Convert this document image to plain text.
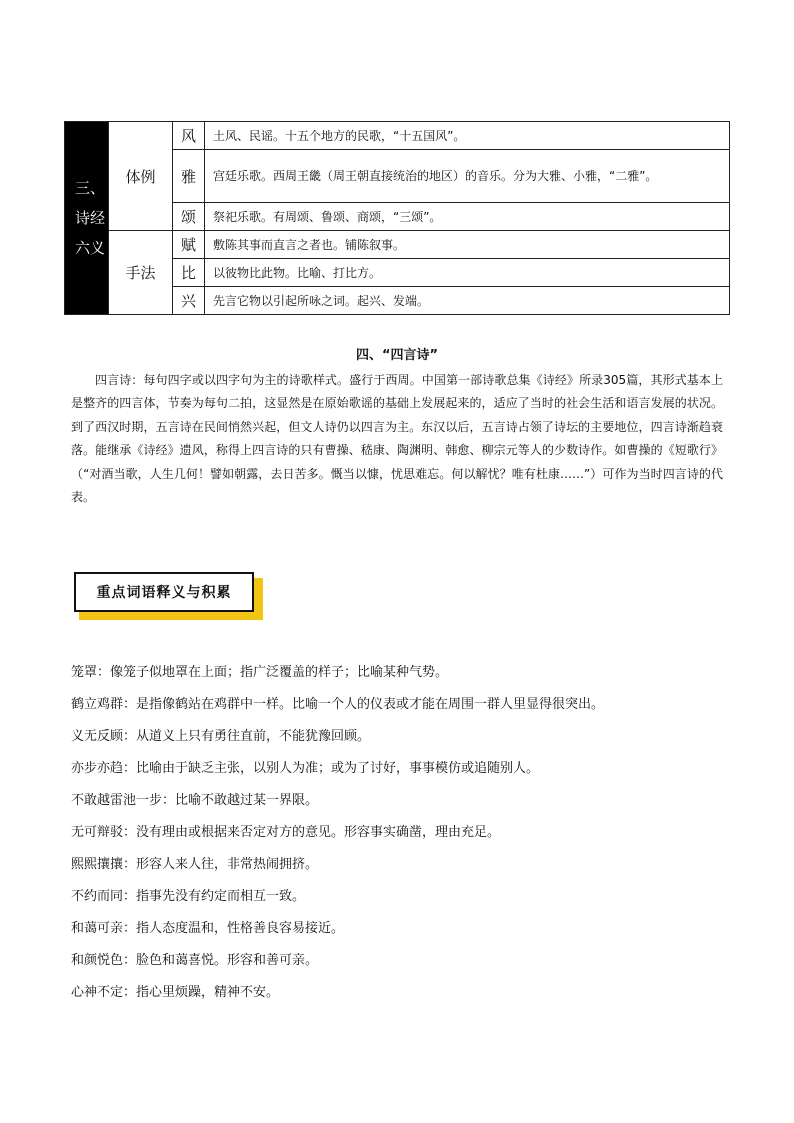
三、
诗经
六义	体例	风	土风、民谣。十五个地方的民歌，“十五国风”。
		雅	宫廷乐歌。西周王畿（周王朝直接统治的地区）的音乐。分为大雅、小雅，“二雅”。
		颂	祭祀乐歌。有周颂、鲁颂、商颂，“三颂”。
	手法	赋	敷陈其事而直言之者也。铺陈叙事。
		比	以彼物比此物。比喻、打比方。
		兴	先言它物以引起所咏之词。起兴、发端。
四、“四言诗”

四言诗：每句四字或以四字句为主的诗歌样式。盛行于西周。中国第一部诗歌总集《诗经》所录305篇，其形式基本上是整齐的四言体，节奏为每句二拍，这显然是在原始歌谣的基础上发展起来的，适应了当时的社会生活和语言发展的状况。到了西汉时期，五言诗在民间悄然兴起，但文人诗仍以四言为主。东汉以后，五言诗占领了诗坛的主要地位，四言诗渐趋衰落。能继承《诗经》遗风，称得上四言诗的只有曹操、嵇康、陶渊明、韩愈、柳宗元等人的少数诗作。如曹操的《短歌行》（“对酒当歌，人生几何！譬如朝露，去日苦多。慨当以慷，忧思难忘。何以解忧？唯有杜康……”）可作为当时四言诗的代表。

重点词语释义与积累
笼罩：像笼子似地罩在上面；指广泛覆盖的样子；比喻某种气势。
鹤立鸡群：是指像鹤站在鸡群中一样。比喻一个人的仪表或才能在周围一群人里显得很突出。
义无反顾：从道义上只有勇往直前，不能犹豫回顾。
亦步亦趋：比喻由于缺乏主张，以别人为准；或为了讨好，事事模仿或追随别人。
不敢越雷池一步：比喻不敢越过某一界限。
无可辩驳：没有理由或根据来否定对方的意见。形容事实确凿，理由充足。
熙熙攘攘：形容人来人往，非常热闹拥挤。
不约而同：指事先没有约定而相互一致。
和蔼可亲：指人态度温和，性格善良容易接近。
和颜悦色：脸色和蔼喜悦。形容和善可亲。
心神不定：指心里烦躁，精神不安。
